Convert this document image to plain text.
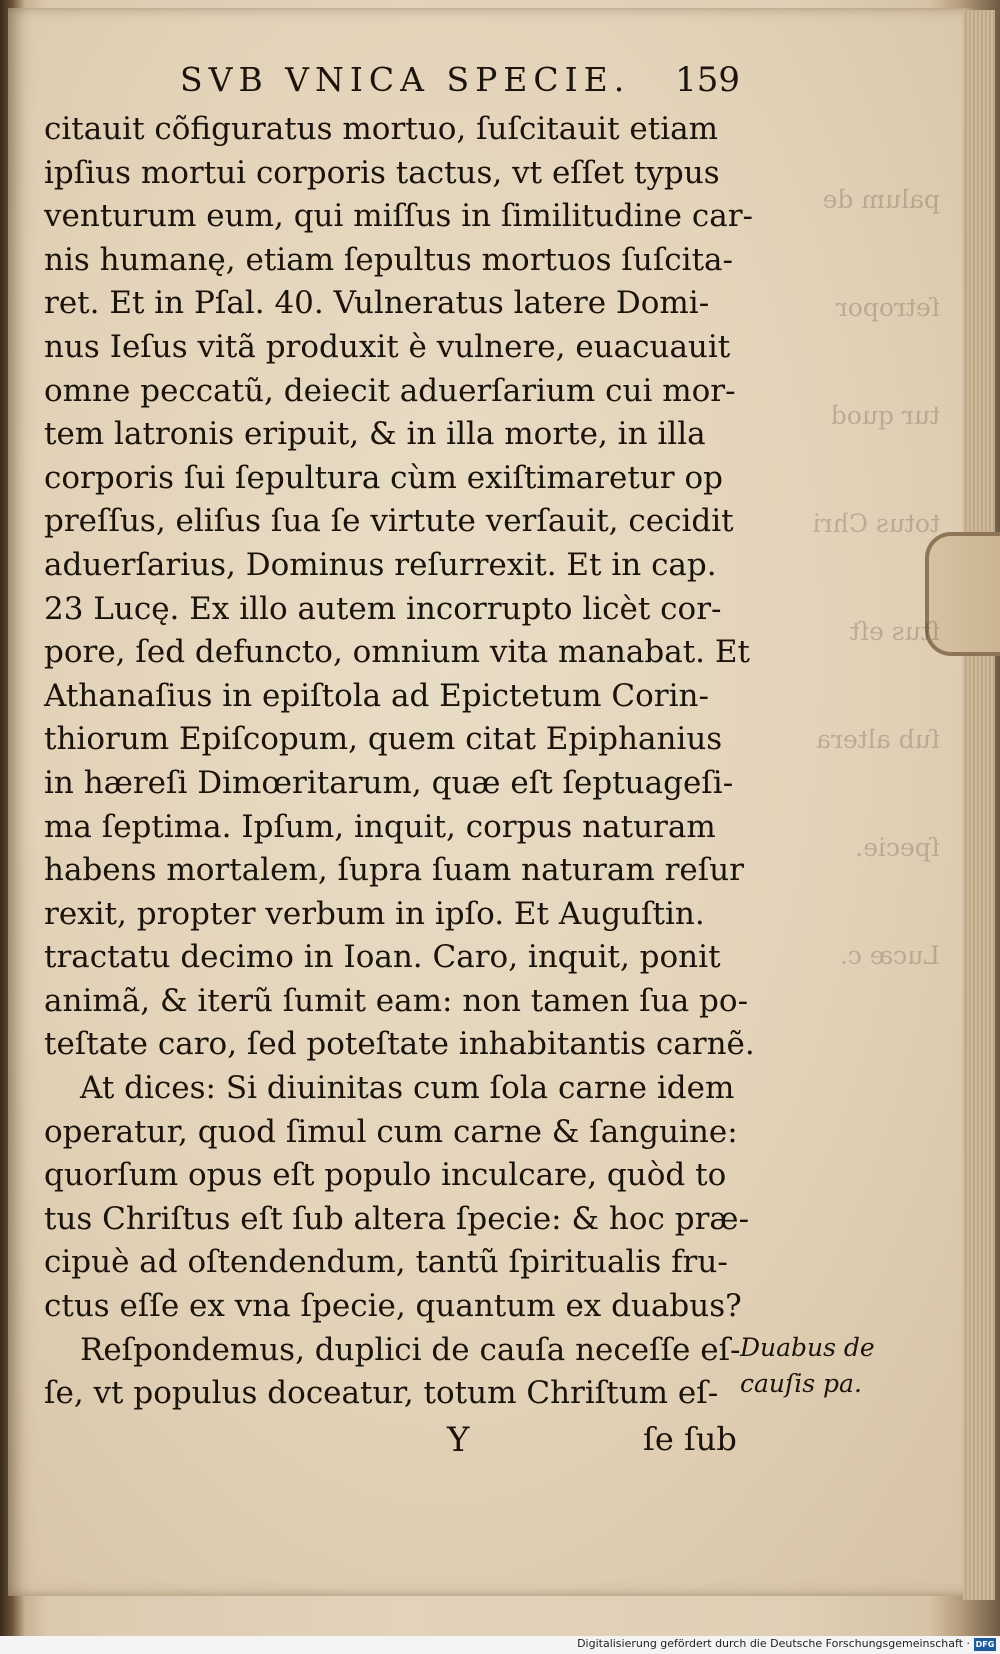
palum de

ſetropor

tur quod

totus Chri

ſtus eſt

ſub altera

ſpecie.

Lucæ c.

SVB VNICA SPECIE. 159
citauit cõfiguratus mortuo, ſuſcitauit etiam
ipſius mortui corporis tactus, vt eſſet typus
venturum eum, qui miſſus in ſimilitudine car-
nis humanę, etiam ſepultus mortuos ſuſcita-
ret. Et in Pſal. 40. Vulneratus latere Domi-
nus Ieſus vitã produxit è vulnere, euacuauit
omne peccatũ, deiecit aduerſarium cui mor-
tem latronis eripuit, & in illa morte, in illa
corporis ſui ſepultura cùm exiſtimaretur op
preſſus, eliſus ſua ſe virtute verſauit, cecidit
aduerſarius, Dominus reſurrexit. Et in cap.
23 Lucę. Ex illo autem incorrupto licèt cor-
pore, ſed defuncto, omnium vita manabat. Et
Athanaſius in epiſtola ad Epictetum Corin-
thiorum Epiſcopum, quem citat Epiphanius
in hæreſi Dimœritarum, quæ eſt ſeptuageſi-
ma ſeptima. Ipſum, inquit, corpus naturam
habens mortalem, ſupra ſuam naturam reſur
rexit, propter verbum in ipſo. Et Auguſtin.
tractatu decimo in Ioan. Caro, inquit, ponit
animã, & iterũ ſumit eam: non tamen ſua po-
teſtate caro, ſed poteſtate inhabitantis carnẽ.
At dices: Si diuinitas cum ſola carne idem
operatur, quod ſimul cum carne & ſanguine:
quorſum opus eſt populo inculcare, quòd to
tus Chriſtus eſt ſub altera ſpecie: & hoc præ-
cipuè ad oſtendendum, tantũ ſpiritualis fru-
ctus eſſe ex vna ſpecie, quantum ex duabus?
Reſpondemus, duplici de cauſa neceſſe eſ-
ſe, vt populus doceatur, totum Chriſtum eſ-
Duabus de
cauſis pa.
Y	ſe ſub
Digitalisierung gefördert durch die Deutsche Forschungsgemeinschaft · DFG
